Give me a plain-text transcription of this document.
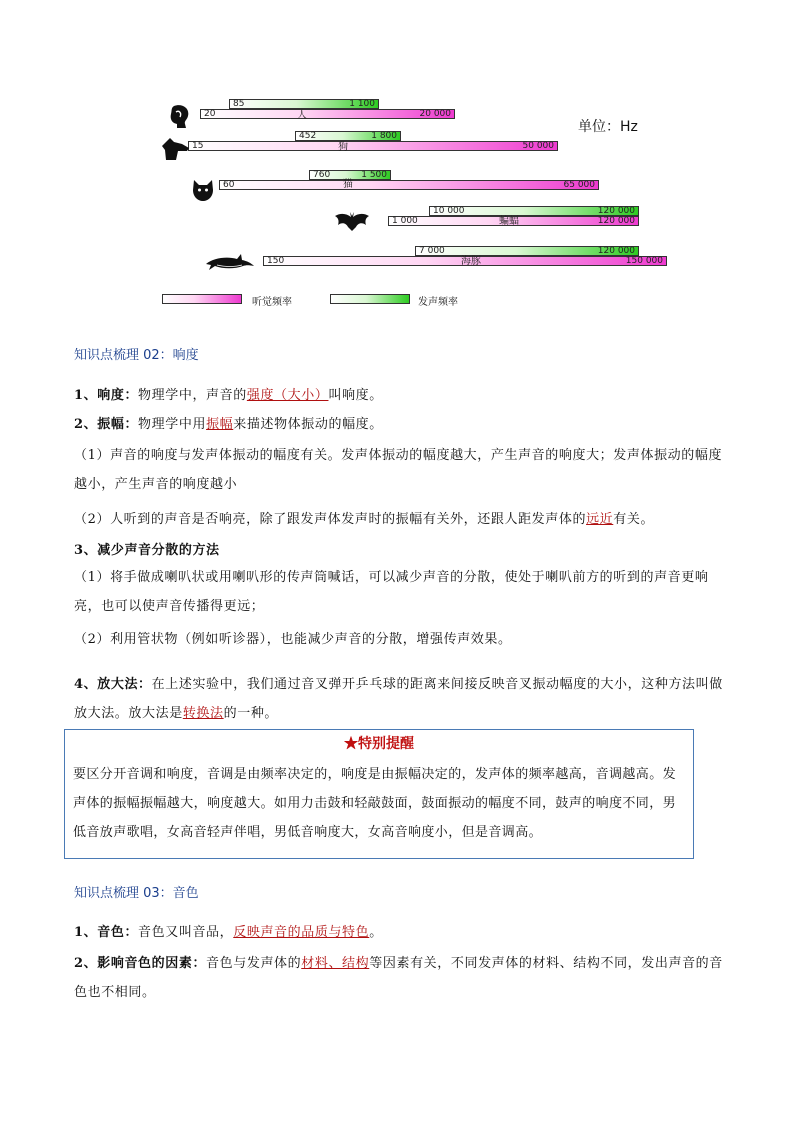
单位：Hz
听觉频率	发声频率
85	1 100
20	20 000
人
452	1 800
15	50 000
狗
760	1 500
60	65 000
猫
10 000	120 000
1 000	120 000
蝙蝠
7 000	120 000
150	150 000
海豚
知识点梳理 02：响度
1、响度：物理学中，声音的强度（大小）叫响度。
2、振幅：物理学中用振幅来描述物体振动的幅度。
（1）声音的响度与发声体振动的幅度有关。发声体振动的幅度越大，产生声音的响度大；发声体振动的幅度越小，产生声音的响度越小
（2）人听到的声音是否响亮，除了跟发声体发声时的振幅有关外，还跟人距发声体的远近有关。
3、减少声音分散的方法
（1）将手做成喇叭状或用喇叭形的传声筒喊话，可以减少声音的分散，使处于喇叭前方的听到的声音更响亮，也可以使声音传播得更远；
（2）利用管状物（例如听诊器），也能减少声音的分散，增强传声效果。
4、放大法：在上述实验中，我们通过音叉弹开乒乓球的距离来间接反映音叉振动幅度的大小，这种方法叫做放大法。放大法是转换法的一种。
★特别提醒
要区分开音调和响度，音调是由频率决定的，响度是由振幅决定的，发声体的频率越高，音调越高。发声体的振幅振幅越大，响度越大。如用力击鼓和轻敲鼓面，鼓面振动的幅度不同，鼓声的响度不同，男低音放声歌唱，女高音轻声伴唱，男低音响度大，女高音响度小，但是音调高。
知识点梳理 03：音色
1、音色：音色又叫音品，反映声音的品质与特色。
2、影响音色的因素：音色与发声体的材料、结构等因素有关，不同发声体的材料、结构不同，发出声音的音色也不相同。
